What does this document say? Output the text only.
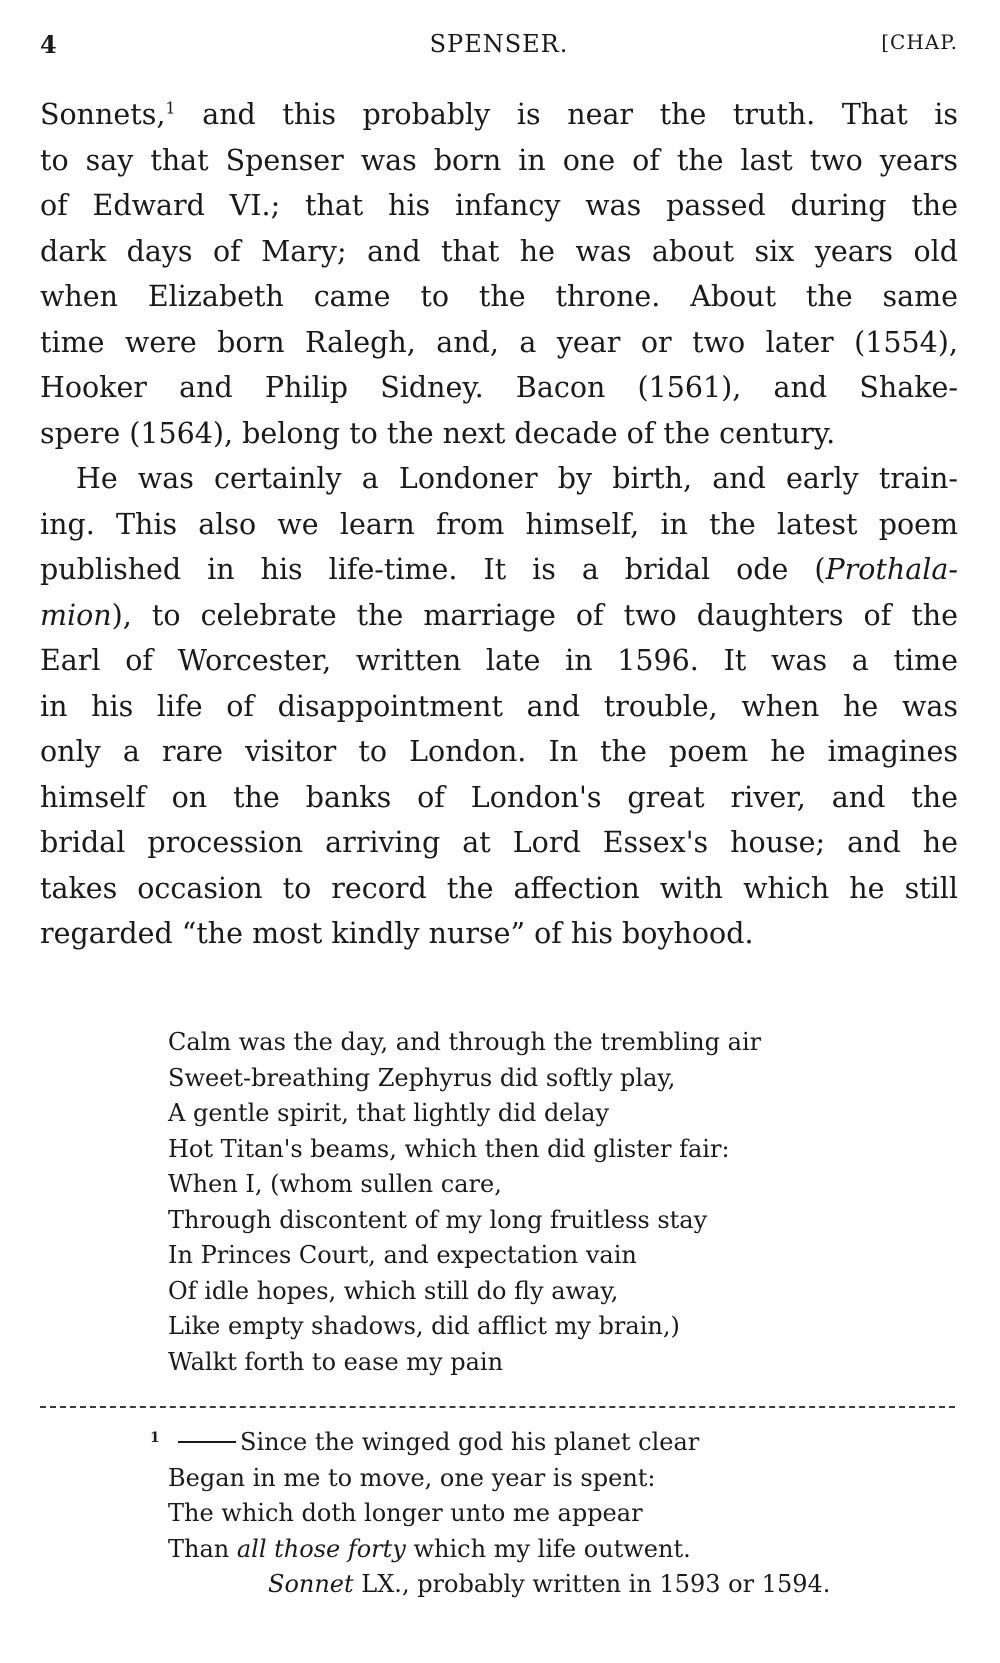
4	SPENSER.	[CHAP.

Sonnets,$^1$ and this probably is near the truth. That is

to say that Spenser was born in one of the last two years

of Edward VI.; that his infancy was passed during the

dark days of Mary; and that he was about six years old

when Elizabeth came to the throne. About the same

time were born Ralegh, and, a year or two later (1554),

Hooker and Philip Sidney. Bacon (1561), and Shake-

spere (1564), belong to the next decade of the century.

He was certainly a Londoner by birth, and early train-

ing. This also we learn from himself, in the latest poem

published in his life-time. It is a bridal ode (Prothala-

mion), to celebrate the marriage of two daughters of the

Earl of Worcester, written late in 1596. It was a time

in his life of disappointment and trouble, when he was

only a rare visitor to London. In the poem he imagines

himself on the banks of London's great river, and the

bridal procession arriving at Lord Essex's house; and he

takes occasion to record the affection with which he still

regarded “the most kindly nurse” of his boyhood.

Calm was the day, and through the trembling air
Sweet-breathing Zephyrus did softly play,
A gentle spirit, that lightly did delay
Hot Titan's beams, which then did glister fair:
When I, (whom sullen care,
Through discontent of my long fruitless stay
In Princes Court, and expectation vain
Of idle hopes, which still do fly away,
Like empty shadows, did afflict my brain,)
Walkt forth to ease my pain
1	Since the winged god his planet clear
Began in me to move, one year is spent:
The which doth longer unto me appear
Than all those forty which my life outwent.
Sonnet LX., probably written in 1593 or 1594.
